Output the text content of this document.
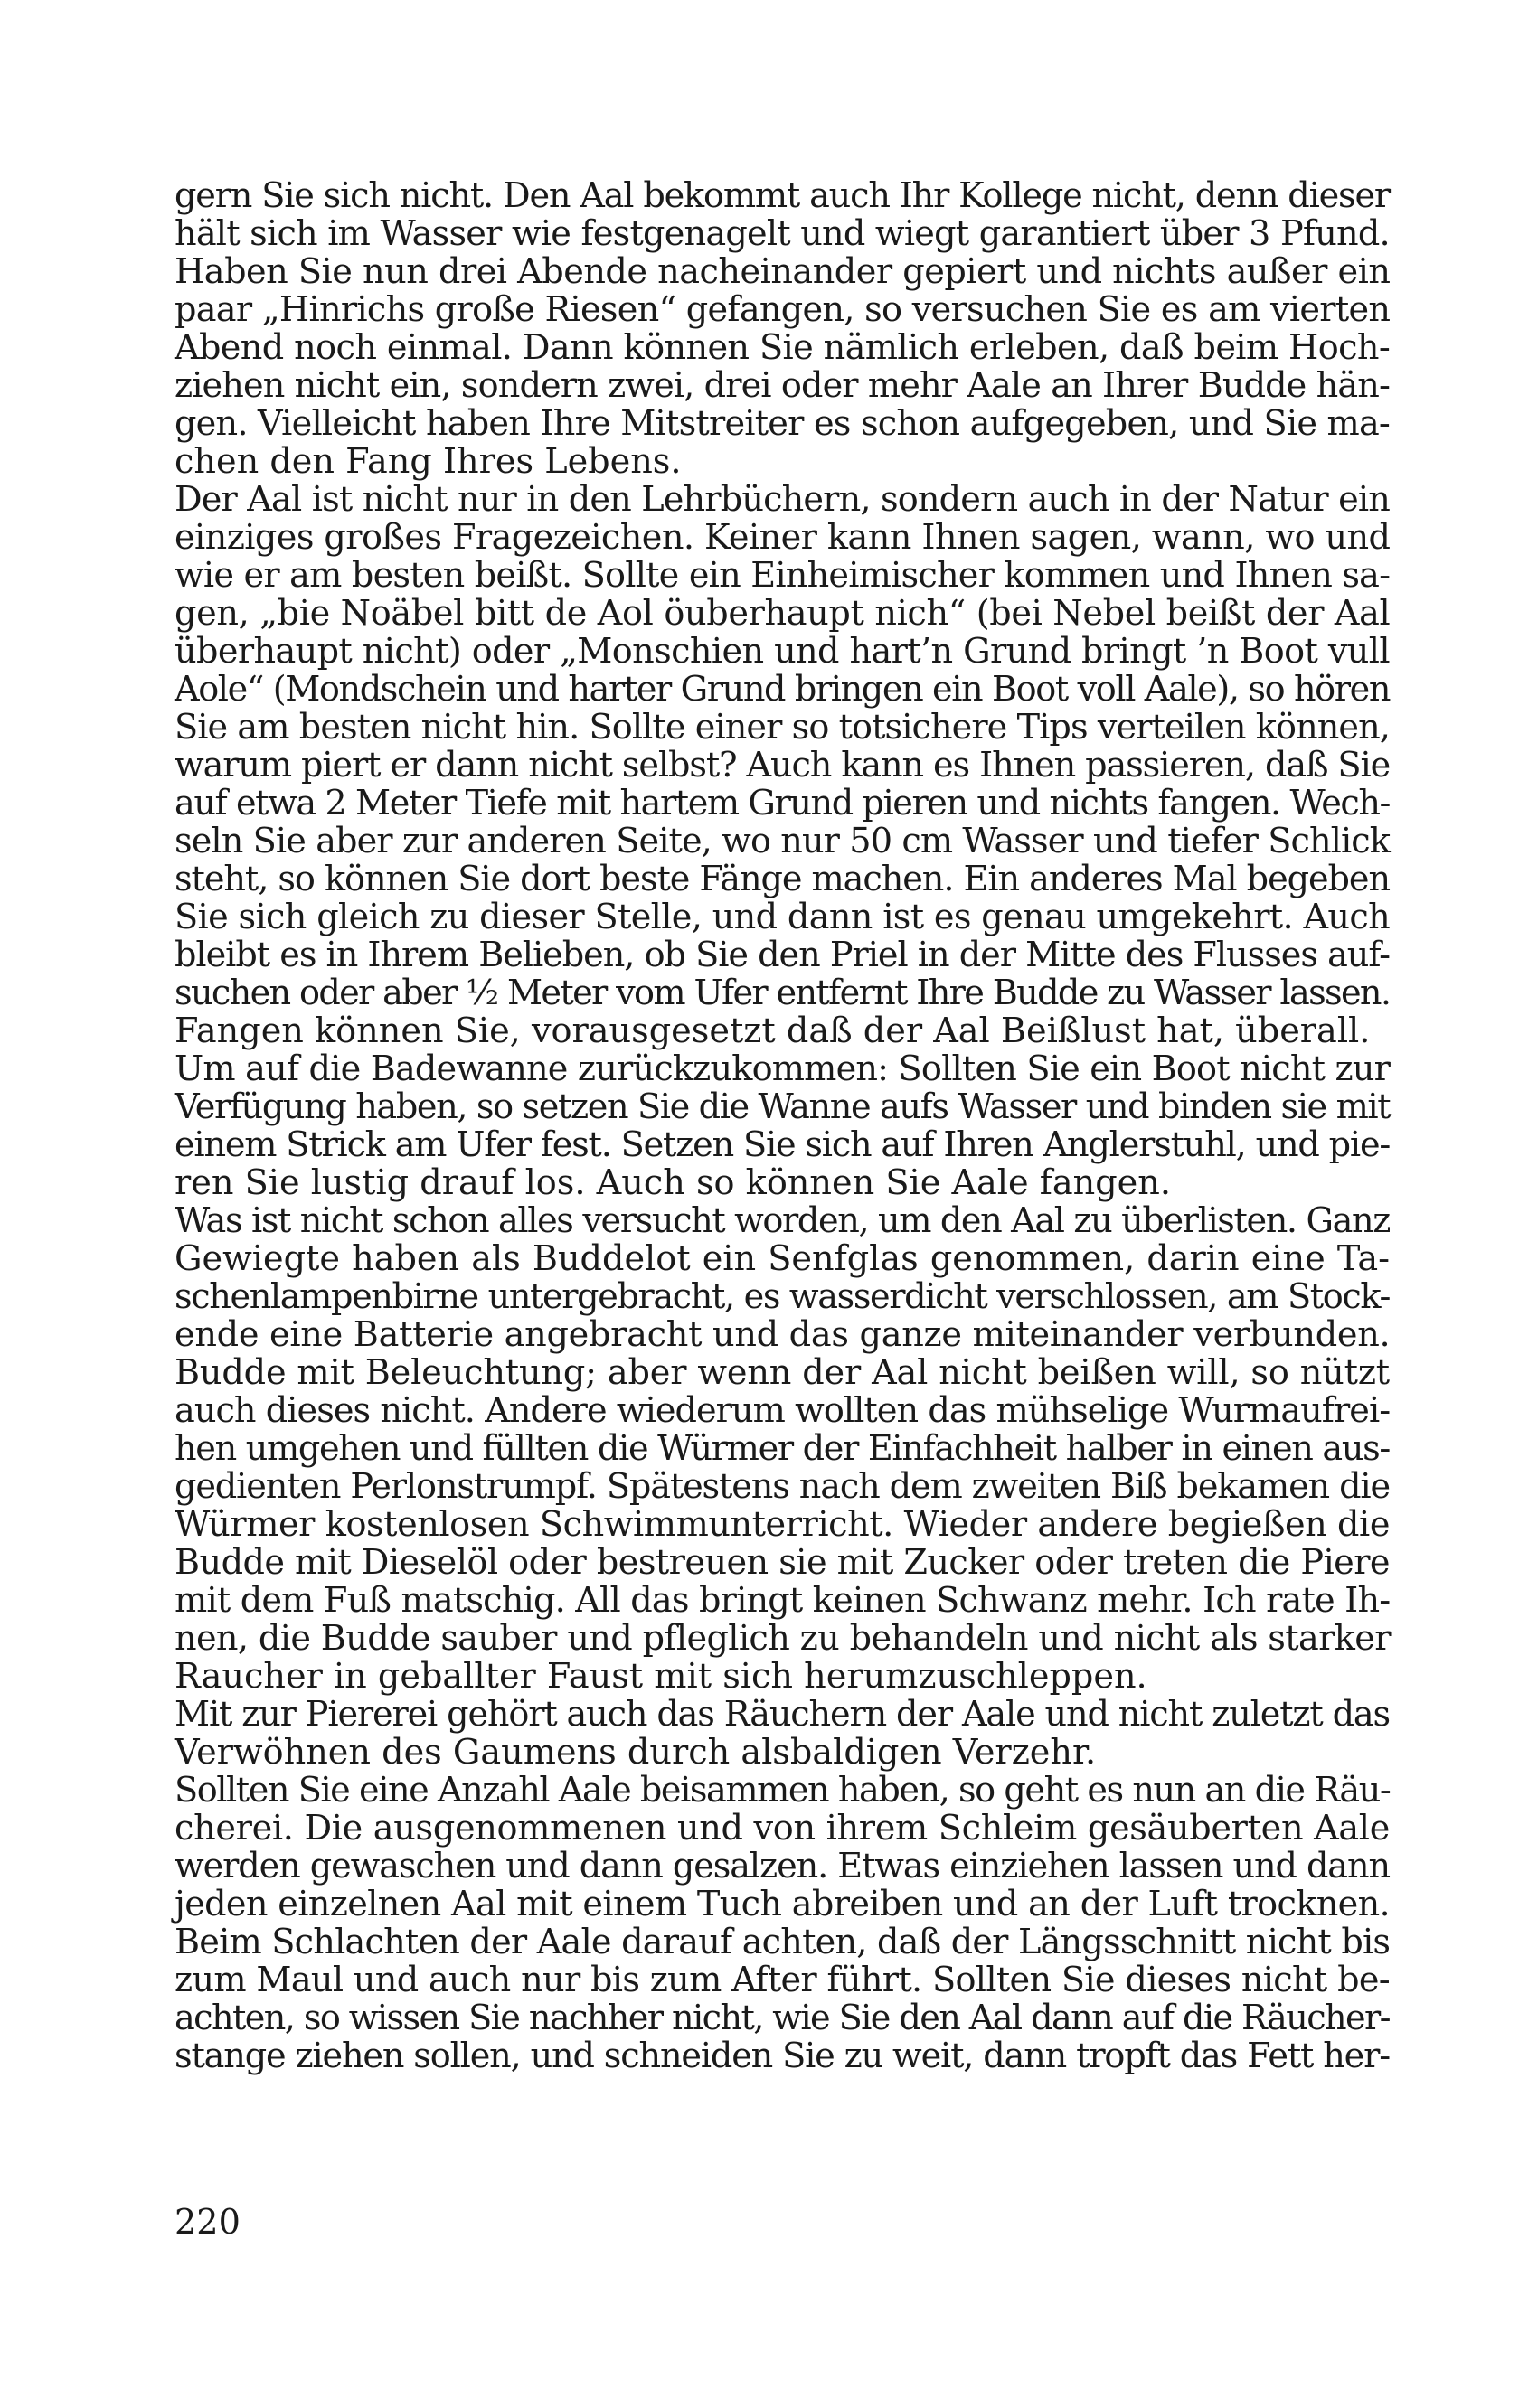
gern Sie sich nicht. Den Aal bekommt auch Ihr Kollege nicht, denn dieser
hält sich im Wasser wie festgenagelt und wiegt garantiert über 3 Pfund.
Haben Sie nun drei Abende nacheinander gepiert und nichts außer ein
paar „Hinrichs große Riesen“ gefangen, so versuchen Sie es am vierten
Abend noch einmal. Dann können Sie nämlich erleben, daß beim Hoch-
ziehen nicht ein, sondern zwei, drei oder mehr Aale an Ihrer Budde hän-
gen. Vielleicht haben Ihre Mitstreiter es schon aufgegeben, und Sie ma-
chen den Fang Ihres Lebens.
Der Aal ist nicht nur in den Lehrbüchern, sondern auch in der Natur ein
einziges großes Fragezeichen. Keiner kann Ihnen sagen, wann, wo und
wie er am besten beißt. Sollte ein Einheimischer kommen und Ihnen sa-
gen, „bie Noäbel bitt de Aol öuberhaupt nich“ (bei Nebel beißt der Aal
überhaupt nicht) oder „Monschien und hart’n Grund bringt ’n Boot vull
Aole“ (Mondschein und harter Grund bringen ein Boot voll Aale), so hören
Sie am besten nicht hin. Sollte einer so totsichere Tips verteilen können,
warum piert er dann nicht selbst? Auch kann es Ihnen passieren, daß Sie
auf etwa 2 Meter Tiefe mit hartem Grund pieren und nichts fangen. Wech-
seln Sie aber zur anderen Seite, wo nur 50 cm Wasser und tiefer Schlick
steht, so können Sie dort beste Fänge machen. Ein anderes Mal begeben
Sie sich gleich zu dieser Stelle, und dann ist es genau umgekehrt. Auch
bleibt es in Ihrem Belieben, ob Sie den Priel in der Mitte des Flusses auf-
suchen oder aber ½ Meter vom Ufer entfernt Ihre Budde zu Wasser lassen.
Fangen können Sie, vorausgesetzt daß der Aal Beißlust hat, überall.
Um auf die Badewanne zurückzukommen: Sollten Sie ein Boot nicht zur
Verfügung haben, so setzen Sie die Wanne aufs Wasser und binden sie mit
einem Strick am Ufer fest. Setzen Sie sich auf Ihren Anglerstuhl, und pie-
ren Sie lustig drauf los. Auch so können Sie Aale fangen.
Was ist nicht schon alles versucht worden, um den Aal zu überlisten. Ganz
Gewiegte haben als Buddelot ein Senfglas genommen, darin eine Ta-
schenlampenbirne untergebracht, es wasserdicht verschlossen, am Stock-
ende eine Batterie angebracht und das ganze miteinander verbunden.
Budde mit Beleuchtung; aber wenn der Aal nicht beißen will, so nützt
auch dieses nicht. Andere wiederum wollten das mühselige Wurmaufrei-
hen umgehen und füllten die Würmer der Einfachheit halber in einen aus-
gedienten Perlonstrumpf. Spätestens nach dem zweiten Biß bekamen die
Würmer kostenlosen Schwimmunterricht. Wieder andere begießen die
Budde mit Dieselöl oder bestreuen sie mit Zucker oder treten die Piere
mit dem Fuß matschig. All das bringt keinen Schwanz mehr. Ich rate Ih-
nen, die Budde sauber und pfleglich zu behandeln und nicht als starker
Raucher in geballter Faust mit sich herumzuschleppen.
Mit zur Piererei gehört auch das Räuchern der Aale und nicht zuletzt das
Verwöhnen des Gaumens durch alsbaldigen Verzehr.
Sollten Sie eine Anzahl Aale beisammen haben, so geht es nun an die Räu-
cherei. Die ausgenommenen und von ihrem Schleim gesäuberten Aale
werden gewaschen und dann gesalzen. Etwas einziehen lassen und dann
jeden einzelnen Aal mit einem Tuch abreiben und an der Luft trocknen.
Beim Schlachten der Aale darauf achten, daß der Längsschnitt nicht bis
zum Maul und auch nur bis zum After führt. Sollten Sie dieses nicht be-
achten, so wissen Sie nachher nicht, wie Sie den Aal dann auf die Räucher-
stange ziehen sollen, und schneiden Sie zu weit, dann tropft das Fett her-
220
